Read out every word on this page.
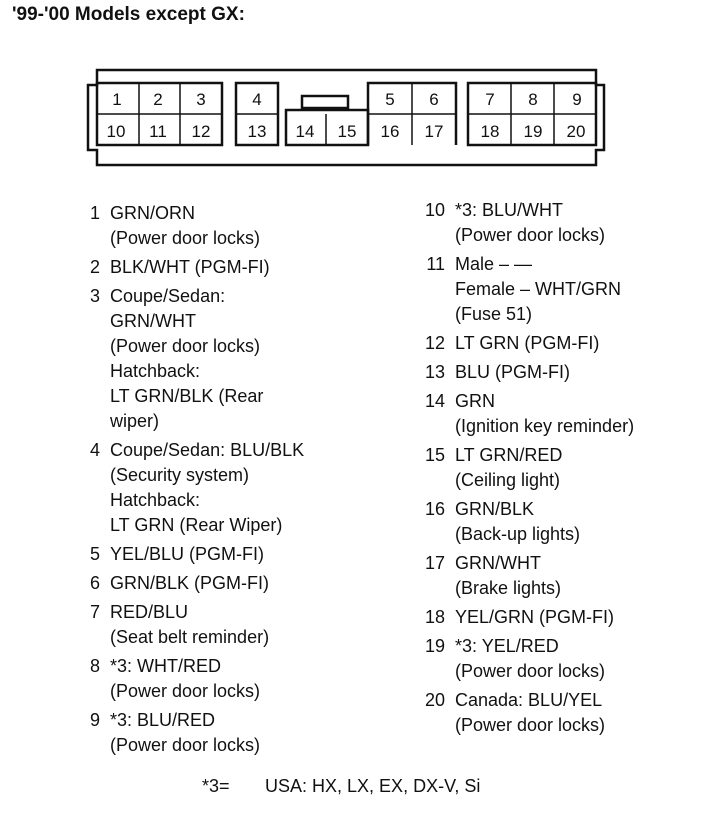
'99-'00 Models except GX:
1 2 3	4	5 6	7 8 9
10 11 12 13 14 15 16 17 18 19 20
1 GRN/ORN
(Power door locks)
2 BLK/WHT (PGM-FI)
3 Coupe/Sedan:
GRN/WHT
(Power door locks)
Hatchback:
LT GRN/BLK (Rear
wiper)
4 Coupe/Sedan: BLU/BLK
(Security system)
Hatchback:
LT GRN (Rear Wiper)
5 YEL/BLU (PGM-FI)
6 GRN/BLK (PGM-FI)
7 RED/BLU
(Seat belt reminder)
8 *3: WHT/RED
(Power door locks)
9 *3: BLU/RED
(Power door locks)
10 *3: BLU/WHT
(Power door locks)
11 Male – —
Female – WHT/GRN
(Fuse 51)
12 LT GRN (PGM-FI)
13 BLU (PGM-FI)
14 GRN
(Ignition key reminder)
15 LT GRN/RED
(Ceiling light)
16 GRN/BLK
(Back-up lights)
17 GRN/WHT
(Brake lights)
18 YEL/GRN (PGM-FI)
19 *3: YEL/RED
(Power door locks)
20 Canada: BLU/YEL
(Power door locks)
*3= USA: HX, LX, EX, DX-V, Si
